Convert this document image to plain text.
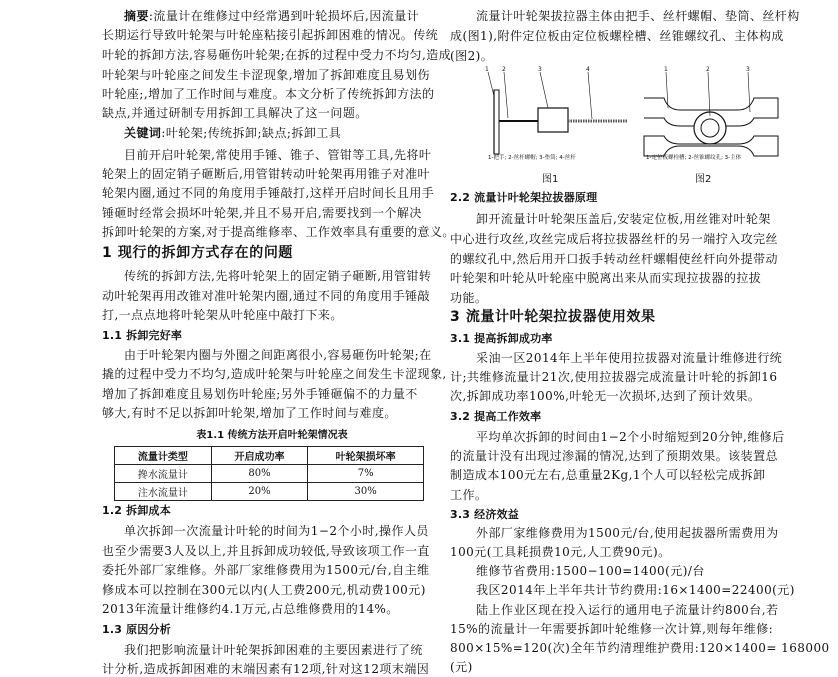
摘要:流量计在维修过中经常遇到叶轮损坏后,因流量计
长期运行导致叶轮架与叶轮座粘接引起拆卸困难的情况。传统
叶轮的拆卸方法,容易砸伤叶轮架;在拆的过程中受力不均匀,造成
叶轮架与叶轮座之间发生卡涩现象,增加了拆卸难度且易划伤
叶轮座;,增加了工作时间与难度。本文分析了传统拆卸方法的
缺点,并通过研制专用拆卸工具解决了这一问题。
关键词:叶轮架;传统拆卸;缺点;拆卸工具
目前开启叶轮架,常使用手锤、锥子、管钳等工具,先将叶
轮架上的固定销子砸断后,用管钳转动叶轮架再用锥子对准叶
轮架内圈,通过不同的角度用手锤敲打,这样开启时间长且用手
锤砸时经常会损坏叶轮架,并且不易开启,需要找到一个解决
拆卸叶轮架的方案,对于提高维修率、工作效率具有重要的意义。
1 现行的拆卸方式存在的问题
传统的拆卸方法,先将叶轮架上的固定销子砸断,用管钳转
动叶轮架再用改锥对准叶轮架内圈,通过不同的角度用手锤敲
打,一点点地将叶轮架从叶轮座中敲打下来。
1.1 拆卸完好率
由于叶轮架内圈与外圈之间距离很小,容易砸伤叶轮架;在
撬的过程中受力不均匀,造成叶轮架与叶轮座之间发生卡涩现象,
增加了拆卸难度且易划伤叶轮座;另外手锤砸偏不的力量不
够大,有时不足以拆卸叶轮架,增加了工作时间与难度。
表1.1 传统方法开启叶轮架情况表
流量计类型	开启成功率	叶轮架损坏率
搀水流量计	80%	7%
注水流量计	20%	30%
1.2 拆卸成本
单次拆卸一次流量计叶轮的时间为1−2个小时,操作人员
也至少需要3人及以上,并且拆卸成功较低,导致该项工作一直
委托外部厂家维修。外部厂家维修费用为1500元/台,自主维
修成本可以控制在300元以内(人工费200元,机动费100元)
2013年流量计维修约4.1万元,占总维修费用的14%。
1.3 原因分析
我们把影响流量计叶轮架拆卸困难的主要因素进行了统
计分析,造成拆卸困难的末端因素有12项,针对这12项末端因
流量计叶轮架拔拉器主体由把手、丝杆螺帽、垫筒、丝杆构
成(图1),附件定位板由定位板螺栓槽、丝锥螺纹孔、主体构成
(图2)。
1 2	3	4
1-把手; 2-丝杆螺帽; 3-垫筒; 4-丝杆
图1
1	2	3
1-定位板螺栓槽; 2-丝锥螺纹孔; 3-主体
图2
2.2 流量计叶轮架拉拔器原理
卸开流量计叶轮架压盖后,安装定位板,用丝锥对叶轮架
中心进行攻丝,攻丝完成后将拉拔器丝杆的另一端拧入攻完丝
的螺纹孔中,然后用开口扳手转动丝杆螺帽使丝杆向外提带动
叶轮架和叶轮从叶轮座中脱离出来从而实现拉拔器的拉拔
功能。
3 流量计叶轮架拉拔器使用效果
3.1 提高拆卸成功率
采油一区2014年上半年使用拉拔器对流量计维修进行统
计;共维修流量计21次,使用拉拔器完成流量计叶轮的拆卸16
次,拆卸成功率100%,叶轮无一次损坏,达到了预计效果。
3.2 提高工作效率
平均单次拆卸的时间由1−2个小时缩短到20分钟,维修后
的流量计没有出现过渗漏的情况,达到了预期效果。该装置总
制造成本100元左右,总重量2Kg,1个人可以轻松完成拆卸
工作。
3.3 经济效益
外部厂家维修费用为1500元/台,使用起拔器所需费用为
100元(工具耗损费10元,人工费90元)。
维修节省费用:1500−100=1400(元)/台
我区2014年上半年共计节约费用:16×1400=22400(元)
陆上作业区现在投入运行的通用电子流量计约800台,若
15%的流量计一年需要拆卸叶轮维修一次计算,则每年维修:
800×15%=120(次)全年节约清理维护费用:120×1400= 168000
(元)
